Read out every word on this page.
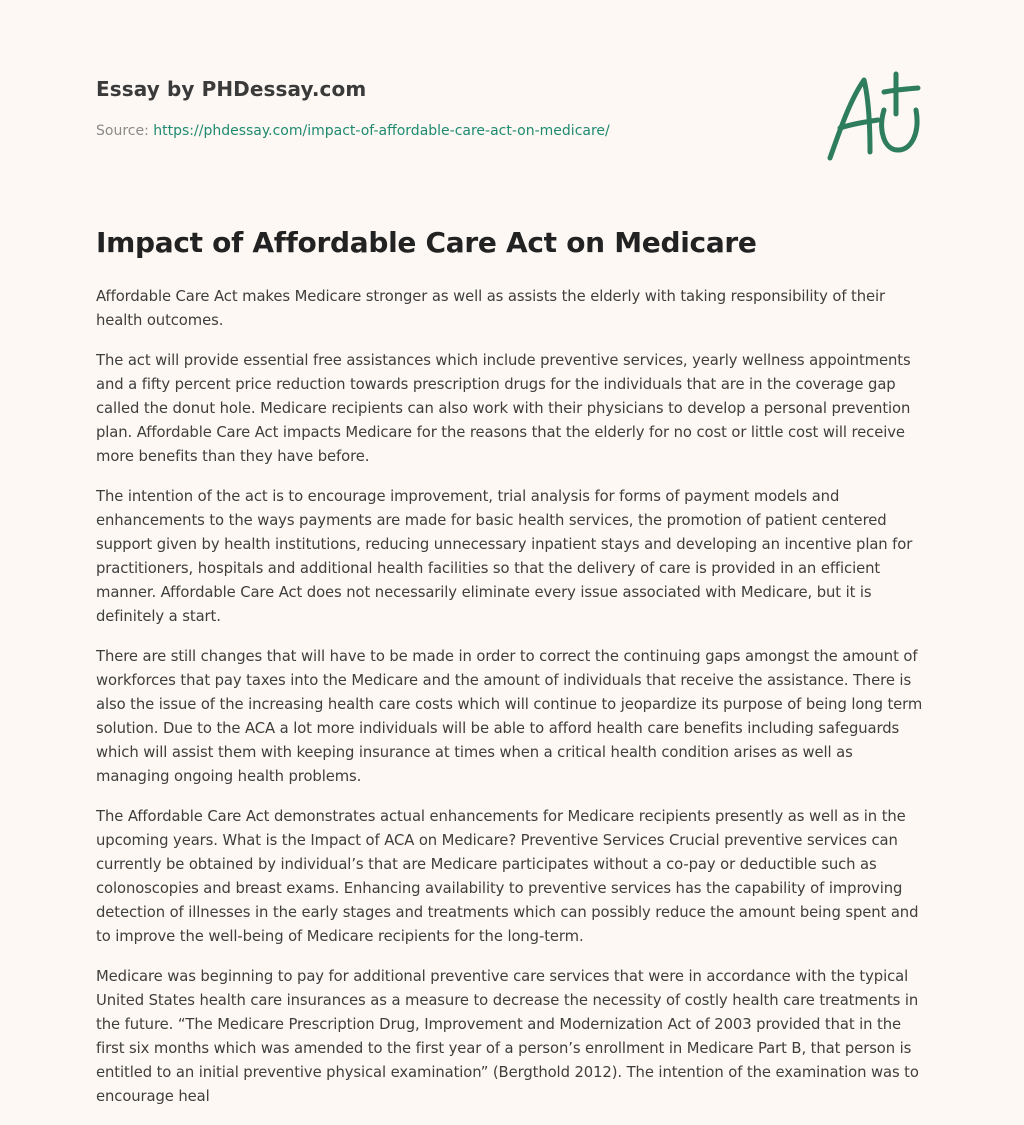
Essay by PHDessay.com
Source: https://phdessay.com/impact-of-affordable-care-act-on-medicare/
Impact of Affordable Care Act on Medicare

Affordable Care Act makes Medicare stronger as well as assists the elderly with taking responsibility of their health outcomes.

The act will provide essential free assistances which include preventive services, yearly wellness appointments and a fifty percent price reduction towards prescription drugs for the individuals that are in the coverage gap called the donut hole. Medicare recipients can also work with their physicians to develop a personal prevention plan. Affordable Care Act impacts Medicare for the reasons that the elderly for no cost or little cost will receive more benefits than they have before.

The intention of the act is to encourage improvement, trial analysis for forms of payment models and enhancements to the ways payments are made for basic health services, the promotion of patient centered support given by health institutions, reducing unnecessary inpatient stays and developing an incentive plan for practitioners, hospitals and additional health facilities so that the delivery of care is provided in an efficient manner. Affordable Care Act does not necessarily eliminate every issue associated with Medicare, but it is definitely a start.

There are still changes that will have to be made in order to correct the continuing gaps amongst the amount of workforces that pay taxes into the Medicare and the amount of individuals that receive the assistance. There is also the issue of the increasing health care costs which will continue to jeopardize its purpose of being long term solution. Due to the ACA a lot more individuals will be able to afford health care benefits including safeguards which will assist them with keeping insurance at times when a critical health condition arises as well as managing ongoing health problems.

The Affordable Care Act demonstrates actual enhancements for Medicare recipients presently as well as in the upcoming years. What is the Impact of ACA on Medicare? Preventive Services Crucial preventive services can currently be obtained by individual’s that are Medicare participates without a co-pay or deductible such as colonoscopies and breast exams. Enhancing availability to preventive services has the capability of improving detection of illnesses in the early stages and treatments which can possibly reduce the amount being spent and to improve the well-being of Medicare recipients for the long-term.

Medicare was beginning to pay for additional preventive care services that were in accordance with the typical United States health care insurances as a measure to decrease the necessity of costly health care treatments in the future. “The Medicare Prescription Drug, Improvement and Modernization Act of 2003 provided that in the first six months which was amended to the first year of a person’s enrollment in Medicare Part B, that person is entitled to an initial preventive physical examination” (Bergthold 2012). The intention of the examination was to encourage heal
